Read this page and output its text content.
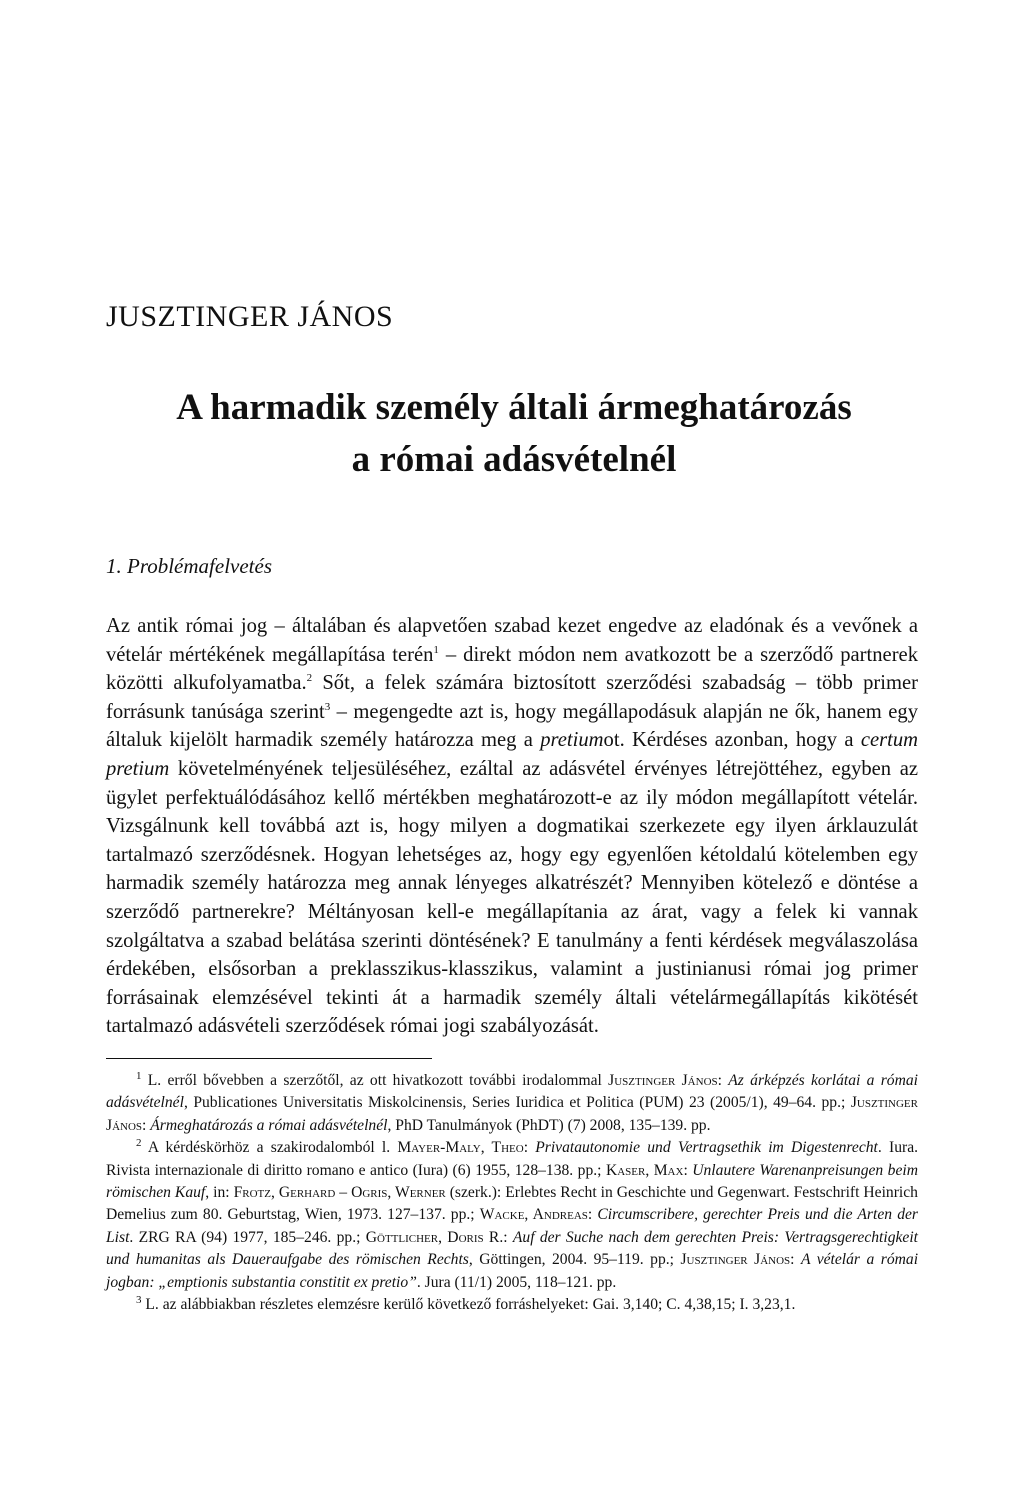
JUSZTINGER JÁNOS
A harmadik személy általi ármeghatározás
a római adásvételnél
1. Problémafelvetés

Az antik római jog – általában és alapvetően szabad kezet engedve az eladónak és a vevőnek a vételár mértékének megállapítása terén$^1$ – direkt módon nem avatkozott be a szerződő partnerek közötti alkufolyamatba.$^2$ Sőt, a felek számára biztosított szerződési szabadság – több primer forrásunk tanúsága szerint$^3$ – megengedte azt is, hogy megállapodásuk alapján ne ők, hanem egy általuk kijelölt harmadik személy határozza meg a pretiumot. Kérdéses azonban, hogy a certum pretium követelményének teljesüléséhez, ezáltal az adásvétel érvényes létrejöttéhez, egyben az ügylet perfektuálódásához kellő mértékben meghatározott-e az ily módon megállapított vételár. Vizsgálnunk kell továbbá azt is, hogy milyen a dogmatikai szerkezete egy ilyen árklauzulát tartalmazó szerződésnek. Hogyan lehetséges az, hogy egy egyenlően kétoldalú kötelemben egy harmadik személy határozza meg annak lényeges alkatrészét? Mennyiben kötelező e döntése a szerződő partnerekre? Méltányosan kell-e megállapítania az árat, vagy a felek ki vannak szolgáltatva a szabad belátása szerinti döntésének? E tanulmány a fenti kérdések megválaszolása érdekében, elsősorban a preklasszikus-klasszikus, valamint a justinianusi római jog primer forrásainak elemzésével tekinti át a harmadik személy általi vételármegállapítás kikötését tartalmazó adásvételi szerződések római jogi szabályozását.

$^1$ L. erről bővebben a szerzőtől, az ott hivatkozott további irodalommal Jusztinger János: Az árképzés korlátai a római adásvételnél, Publicationes Universitatis Miskolcinensis, Series Iuridica et Politica (PUM) 23 (2005/1), 49–64. pp.; Jusztinger János: Ármeghatározás a római adásvételnél, PhD Tanulmányok (PhDT) (7) 2008, 135–139. pp.

$^2$ A kérdéskörhöz a szakirodalomból l. Mayer-Maly, Theo: Privatautonomie und Vertragsethik im Digestenrecht. Iura. Rivista internazionale di diritto romano e antico (Iura) (6) 1955, 128–138. pp.; Kaser, Max: Unlautere Warenanpreisungen beim römischen Kauf, in: Frotz, Gerhard – Ogris, Werner (szerk.): Erlebtes Recht in Geschichte und Gegenwart. Festschrift Heinrich Demelius zum 80. Geburtstag, Wien, 1973. 127–137. pp.; Wacke, Andreas: Circumscribere, gerechter Preis und die Arten der List. ZRG RA (94) 1977, 185–246. pp.; Göttlicher, Doris R.: Auf der Suche nach dem gerechten Preis: Vertragsgerechtigkeit und humanitas als Dauerаufgabe des römischen Rechts, Göttingen, 2004. 95–119. pp.; Jusztinger János: A vételár a római jogban: „emptionis substantia constitit ex pretio”. Jura (11/1) 2005, 118–121. pp.

$^3$ L. az alábbiakban részletes elemzésre kerülő következő forráshelyeket: Gai. 3,140; C. 4,38,15; I. 3,23,1.
